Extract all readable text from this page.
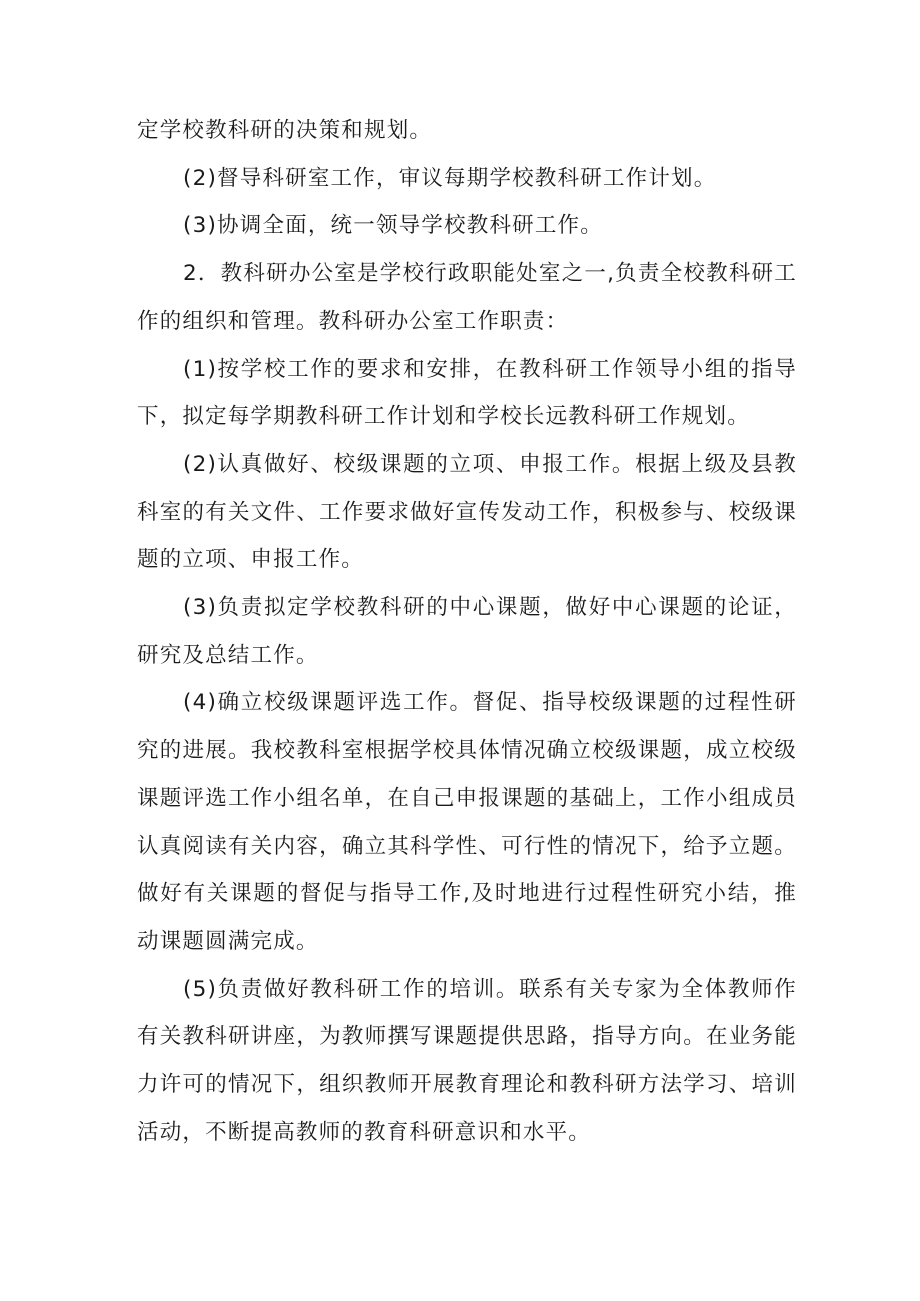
定学校教科研的决策和规划。

(2)督导科研室工作，审议每期学校教科研工作计划。

(3)协调全面，统一领导学校教科研工作。

2．教科研办公室是学校行政职能处室之一,负责全校教科研工作的组织和管理。教科研办公室工作职责：

(1)按学校工作的要求和安排，在教科研工作领导小组的指导下，拟定每学期教科研工作计划和学校长远教科研工作规划。

(2)认真做好、校级课题的立项、申报工作。根据上级及县教科室的有关文件、工作要求做好宣传发动工作，积极参与、校级课题的立项、申报工作。

(3)负责拟定学校教科研的中心课题，做好中心课题的论证，研究及总结工作。

(4)确立校级课题评选工作。督促、指导校级课题的过程性研究的进展。我校教科室根据学校具体情况确立校级课题，成立校级课题评选工作小组名单，在自己申报课题的基础上，工作小组成员认真阅读有关内容，确立其科学性、可行性的情况下，给予立题。做好有关课题的督促与指导工作,及时地进行过程性研究小结，推动课题圆满完成。

(5)负责做好教科研工作的培训。联系有关专家为全体教师作有关教科研讲座，为教师撰写课题提供思路，指导方向。在业务能力许可的情况下，组织教师开展教育理论和教科研方法学习、培训活动，不断提高教师的教育科研意识和水平。
